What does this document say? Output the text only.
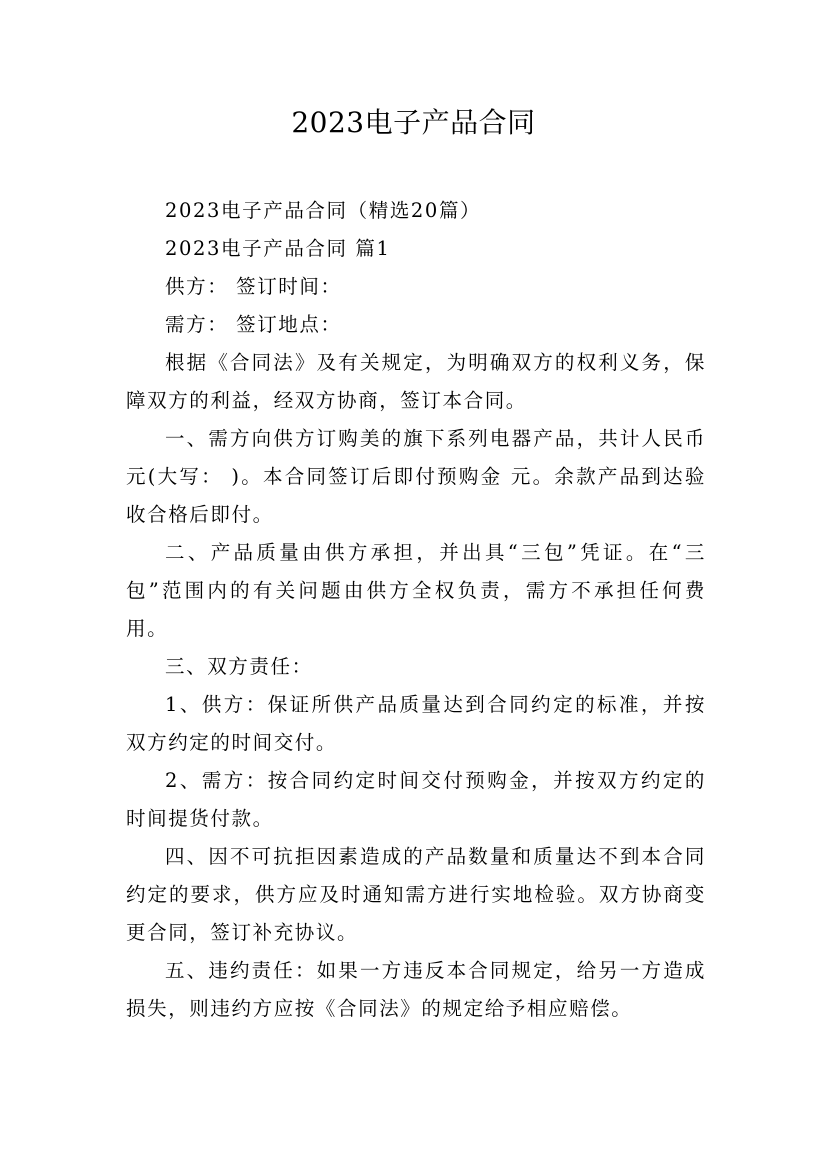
2023电子产品合同

2023电子产品合同（精选20篇）

2023电子产品合同 篇1

供方： 签订时间：

需方： 签订地点：

根据《合同法》及有关规定，为明确双方的权利义务，保障双方的利益，经双方协商，签订本合同。

一、需方向供方订购美的旗下系列电器产品，共计人民币 元(大写： )。本合同签订后即付预购金 元。余款产品到达验收合格后即付。

二、产品质量由供方承担，并出具“三包”凭证。在“三包”范围内的有关问题由供方全权负责，需方不承担任何费用。

三、双方责任：

1、供方：保证所供产品质量达到合同约定的标准，并按双方约定的时间交付。

2、需方：按合同约定时间交付预购金，并按双方约定的时间提货付款。

四、因不可抗拒因素造成的产品数量和质量达不到本合同约定的要求，供方应及时通知需方进行实地检验。双方协商变更合同，签订补充协议。

五、违约责任：如果一方违反本合同规定，给另一方造成损失，则违约方应按《合同法》的规定给予相应赔偿。
